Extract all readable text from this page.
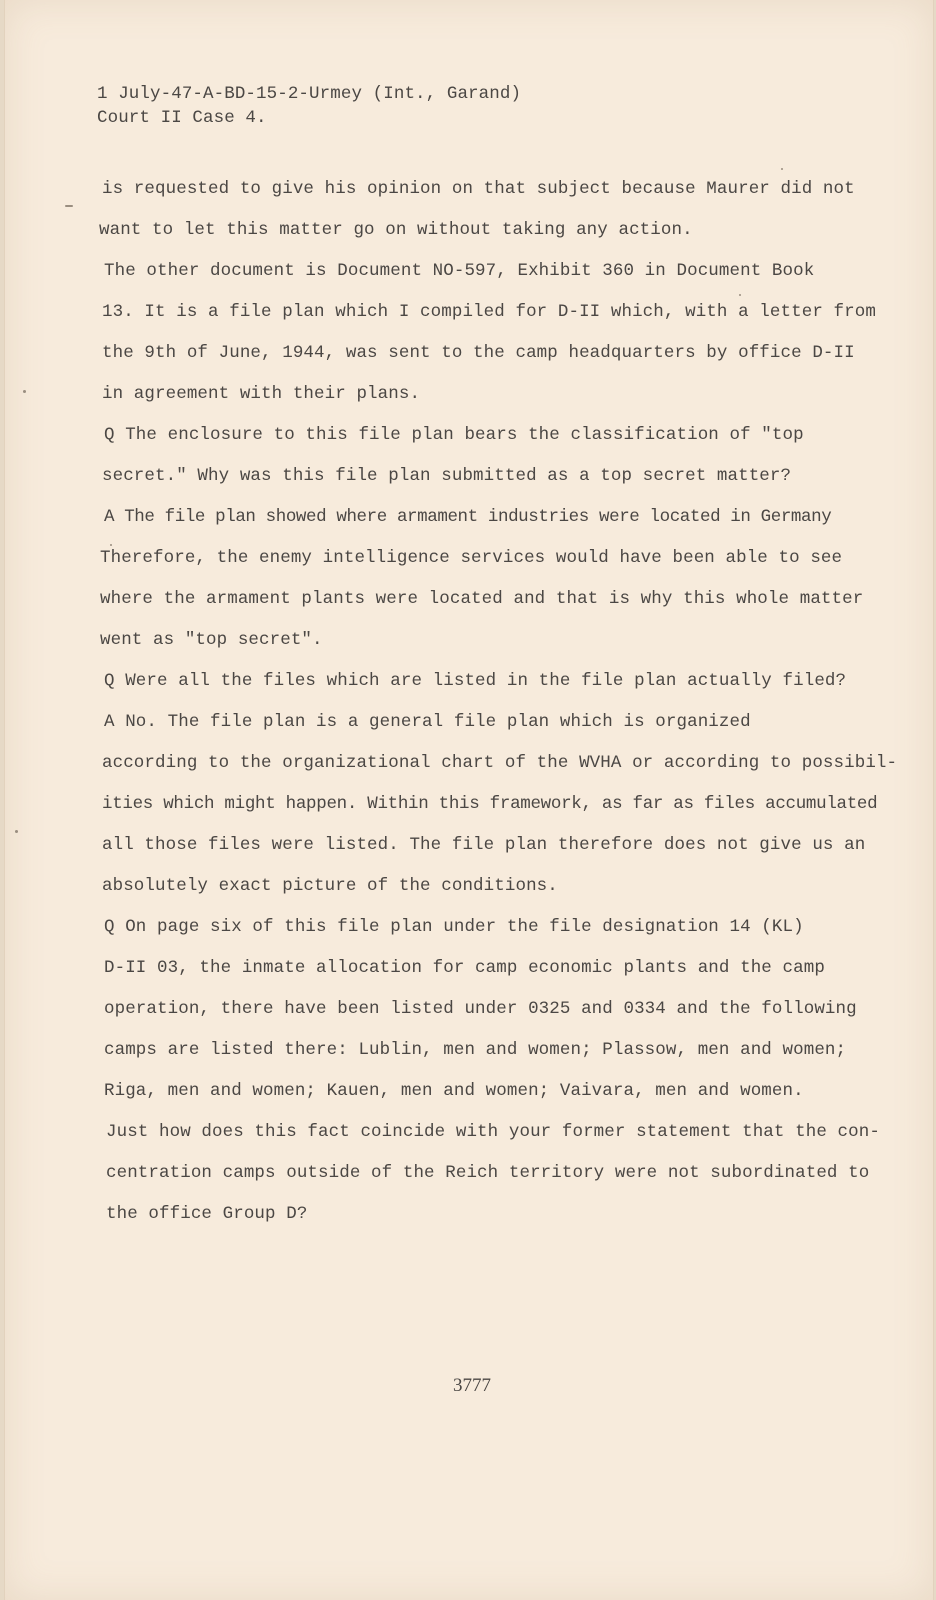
1 July-47-A-BD-15-2-Urmey (Int., Garand)
Court II Case 4.
is requested to give his opinion on that subject because Maurer did not
want to let this matter go on without taking any action.
The other document is Document NO-597, Exhibit 360 in Document Book
13. It is a file plan which I compiled for D-II which, with a letter from
the 9th of June, 1944, was sent to the camp headquarters by office D-II
in agreement with their plans.
Q The enclosure to this file plan bears the classification of "top
secret." Why was this file plan submitted as a top secret matter?
A The file plan showed where armament industries were located in Germany
Therefore, the enemy intelligence services would have been able to see
where the armament plants were located and that is why this whole matter
went as "top secret".
Q Were all the files which are listed in the file plan actually filed?
A No. The file plan is a general file plan which is organized
according to the organizational chart of the WVHA or according to possibil-
ities which might happen. Within this framework, as far as files accumulated
all those files were listed. The file plan therefore does not give us an
absolutely exact picture of the conditions.
Q On page six of this file plan under the file designation 14 (KL)
D-II 03, the inmate allocation for camp economic plants and the camp
operation, there have been listed under 0325 and 0334 and the following
camps are listed there: Lublin, men and women; Plassow, men and women;
Riga, men and women; Kauen, men and women; Vaivara, men and women.
Just how does this fact coincide with your former statement that the con-
centration camps outside of the Reich territory were not subordinated to
the office Group D?
3777
